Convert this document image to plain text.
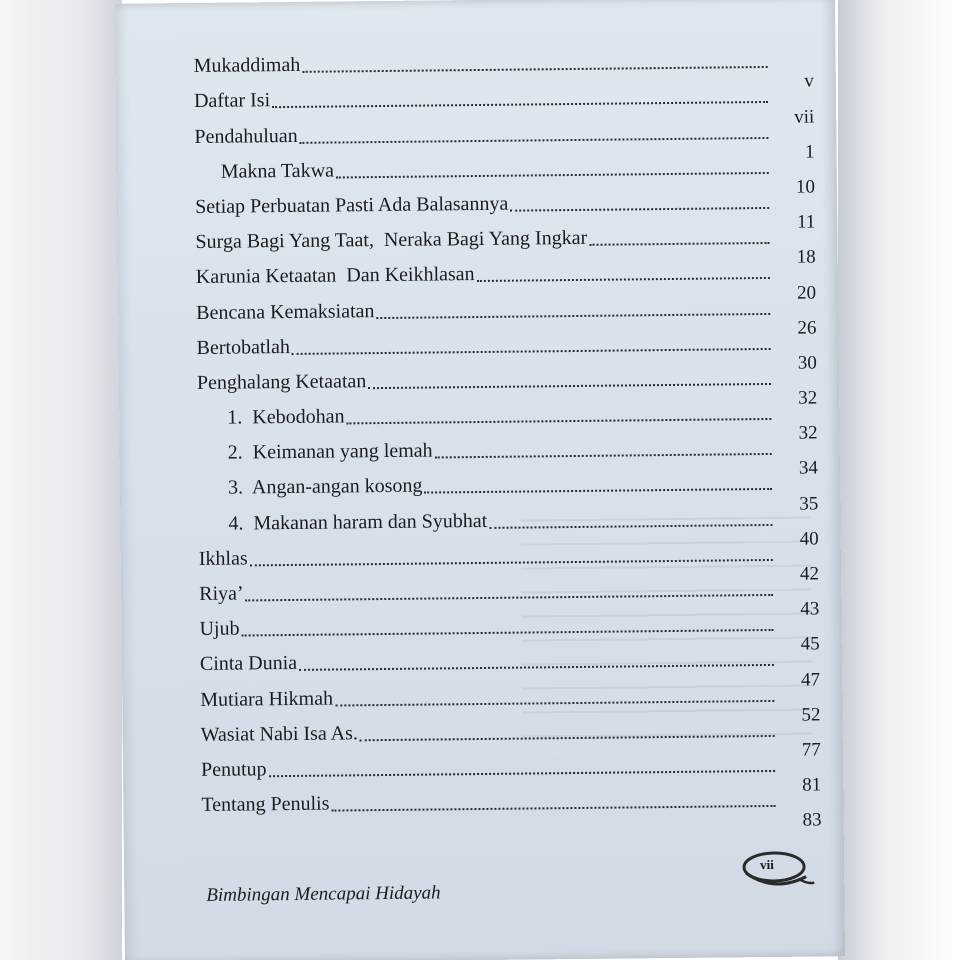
Mukaddimah
Daftar Isi
v
Pendahuluan
vii
Makna Takwa
1
Setiap Perbuatan Pasti Ada Balasannya
10
Surga Bagi Yang Taat,  Neraka Bagi Yang Ingkar
11
Karunia Ketaatan  Dan Keikhlasan
18
Bencana Kemaksiatan
20
Bertobatlah
26
Penghalang Ketaatan
30
1.  Kebodohan
32
2.  Keimanan yang lemah
32
3.  Angan-angan kosong
34
4.  Makanan haram dan Syubhat
35
Ikhlas
40
Riya’
42
Ujub
43
Cinta Dunia
45
Mutiara Hikmah
47
Wasiat Nabi Isa As.
52
Penutup
77
Tentang Penulis
81
83
Bimbingan Mencapai Hidayah
vii
